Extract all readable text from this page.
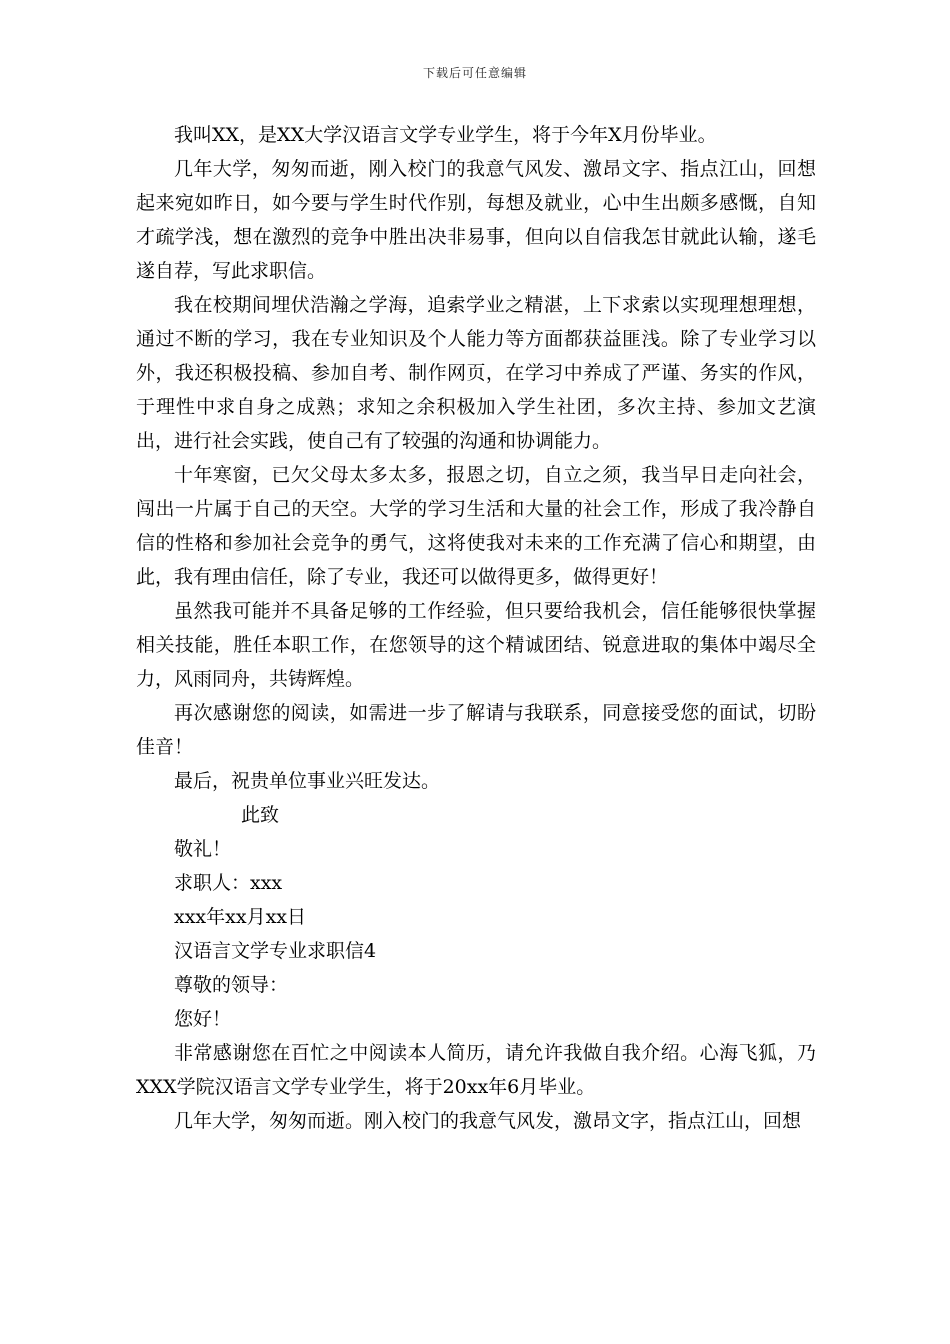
下载后可任意编辑

我叫XX，是XX大学汉语言文学专业学生，将于今年X月份毕业。

几年大学，匆匆而逝，刚入校门的我意气风发、激昂文字、指点江山，回想起来宛如昨日，如今要与学生时代作别，每想及就业，心中生出颇多感慨，自知才疏学浅，想在激烈的竞争中胜出决非易事，但向以自信我怎甘就此认输，遂毛遂自荐，写此求职信。

我在校期间埋伏浩瀚之学海，追索学业之精湛，上下求索以实现理想理想，通过不断的学习，我在专业知识及个人能力等方面都获益匪浅。除了专业学习以外，我还积极投稿、参加自考、制作网页，在学习中养成了严谨、务实的作风，于理性中求自身之成熟；求知之余积极加入学生社团，多次主持、参加文艺演出，进行社会实践，使自己有了较强的沟通和协调能力。

十年寒窗，已欠父母太多太多，报恩之切，自立之须，我当早日走向社会，闯出一片属于自己的天空。大学的学习生活和大量的社会工作，形成了我冷静自信的性格和参加社会竞争的勇气，这将使我对未来的工作充满了信心和期望，由此，我有理由信任，除了专业，我还可以做得更多，做得更好！

虽然我可能并不具备足够的工作经验，但只要给我机会，信任能够很快掌握相关技能，胜任本职工作，在您领导的这个精诚团结、锐意进取的集体中竭尽全力，风雨同舟，共铸辉煌。

再次感谢您的阅读，如需进一步了解请与我联系，同意接受您的面试，切盼佳音！

最后，祝贵单位事业兴旺发达。

此致

敬礼！

求职人：xxx

xxx年xx月xx日

汉语言文学专业求职信4

尊敬的领导：

您好！

非常感谢您在百忙之中阅读本人简历，请允许我做自我介绍。心海飞狐，乃XXX学院汉语言文学专业学生，将于20xx年6月毕业。

几年大学，匆匆而逝。刚入校门的我意气风发，激昂文字，指点江山，回想
